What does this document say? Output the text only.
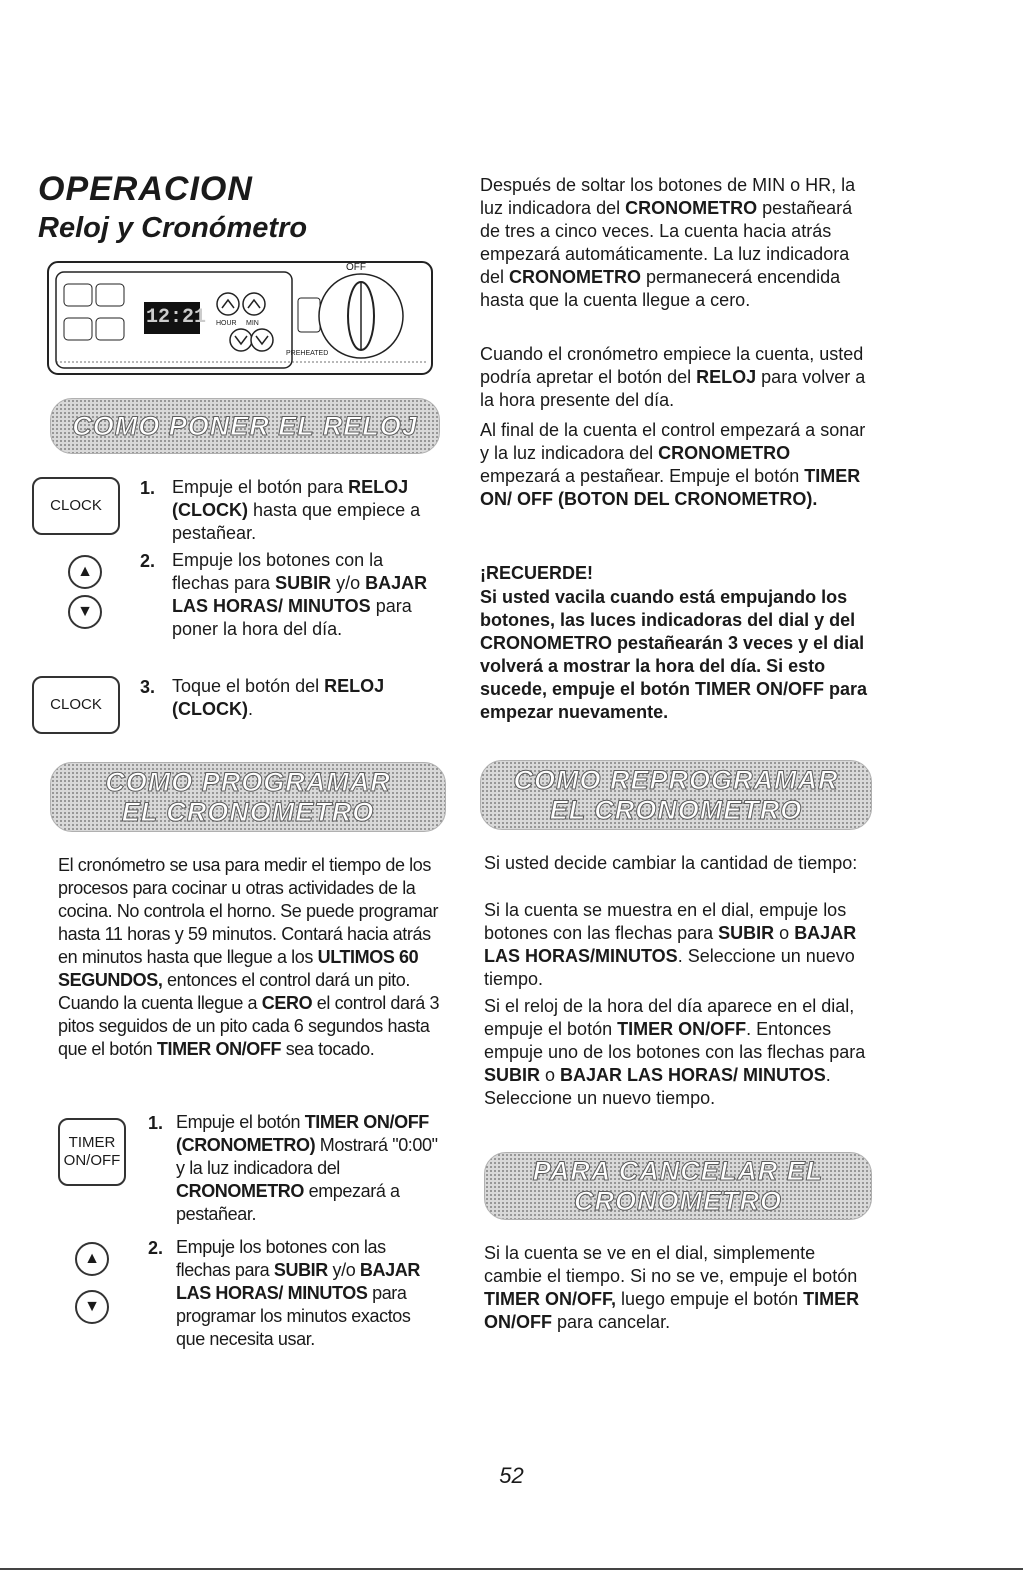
OPERACION
Reloj y Cronómetro
12:21
OFF
HOUR MIN
PREHEATED
COMO PONER EL RELOJ
CLOCK
▲
▼
CLOCK
1. Empuje el botón para RELOJ (CLOCK) hasta que empiece a pestañear.
2. Empuje los botones con la flechas para SUBIR y/o BAJAR LAS HORAS/ MINUTOS para poner la hora del día.
3. Toque el botón del RELOJ (CLOCK).
COMO PROGRAMAR
EL CRONOMETRO
El cronómetro se usa para medir el tiempo de los procesos para cocinar u otras actividades de la cocina. No controla el horno. Se puede programar hasta 11 horas y 59 minutos. Contará hacia atrás en minutos hasta que llegue a los ULTIMOS 60 SEGUNDOS, entonces el control dará un pito. Cuando la cuenta llegue a CERO el control dará 3 pitos seguidos de un pito cada 6 segundos hasta que el botón TIMER ON/OFF sea tocado.
TIMER
ON/OFF
▲
▼
1. Empuje el botón TIMER ON/OFF (CRONOMETRO) Mostrará "0:00" y la luz indicadora del CRONOMETRO empezará a pestañear.
2. Empuje los botones con las flechas para SUBIR y/o BAJAR LAS HORAS/ MINUTOS para programar los minutos exactos que necesita usar.
Después de soltar los botones de MIN o HR, la luz indicadora del CRONOMETRO pestañeará de tres a cinco veces. La cuenta hacia atrás empezará automáticamente. La luz indicadora del CRONOMETRO permanecerá encendida hasta que la cuenta llegue a cero.
Cuando el cronómetro empiece la cuenta, usted podría apretar el botón del RELOJ para volver a la hora presente del día.
Al final de la cuenta el control empezará a sonar y la luz indicadora del CRONOMETRO empezará a pestañear. Empuje el botón TIMER ON/ OFF (BOTON DEL CRONOMETRO).
¡RECUERDE!
Si usted vacila cuando está empujando los botones, las luces indicadoras del dial y del CRONOMETRO pestañearán 3 veces y el dial volverá a mostrar la hora del día. Si esto sucede, empuje el botón TIMER ON/OFF para empezar nuevamente.
COMO REPROGRAMAR
EL CRONOMETRO
Si usted decide cambiar la cantidad de tiempo:
Si la cuenta se muestra en el dial, empuje los botones con las flechas para SUBIR o BAJAR LAS HORAS/MINUTOS. Seleccione un nuevo tiempo.
Si el reloj de la hora del día aparece en el dial, empuje el botón TIMER ON/OFF. Entonces empuje uno de los botones con las flechas para SUBIR o BAJAR LAS HORAS/ MINUTOS. Seleccione un nuevo tiempo.
PARA CANCELAR EL
CRONOMETRO
Si la cuenta se ve en el dial, simplemente cambie el tiempo. Si no se ve, empuje el botón TIMER ON/OFF, luego empuje el botón TIMER ON/OFF para cancelar.
52
